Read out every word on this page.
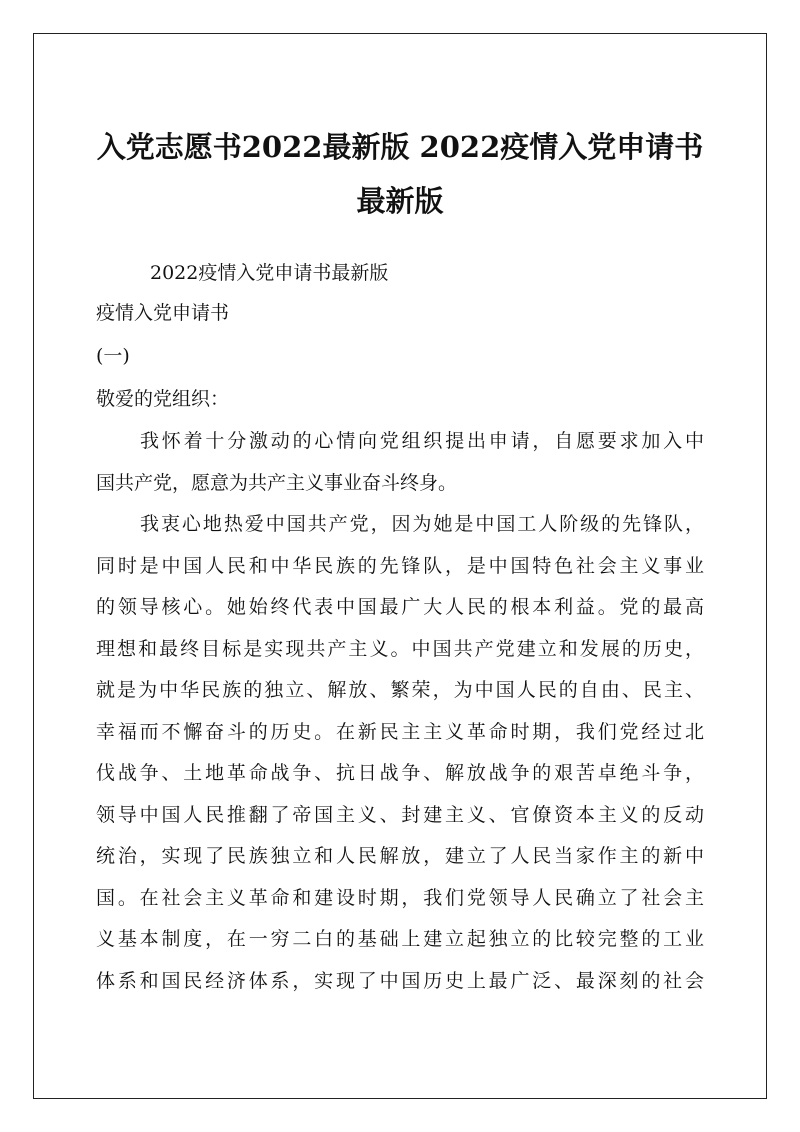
入党志愿书2022最新版 2022疫情入党申请书
最新版

2022疫情入党申请书最新版

疫情入党申请书

(一)

敬爱的党组织：

我怀着十分激动的心情向党组织提出申请，自愿要求加入中
国共产党，愿意为共产主义事业奋斗终身。
我衷心地热爱中国共产党，因为她是中国工人阶级的先锋队，
同时是中国人民和中华民族的先锋队，是中国特色社会主义事业
的领导核心。她始终代表中国最广大人民的根本利益。党的最高
理想和最终目标是实现共产主义。中国共产党建立和发展的历史，
就是为中华民族的独立、解放、繁荣，为中国人民的自由、民主、
幸福而不懈奋斗的历史。在新民主主义革命时期，我们党经过北
伐战争、土地革命战争、抗日战争、解放战争的艰苦卓绝斗争，
领导中国人民推翻了帝国主义、封建主义、官僚资本主义的反动
统治，实现了民族独立和人民解放，建立了人民当家作主的新中
国。在社会主义革命和建设时期，我们党领导人民确立了社会主
义基本制度，在一穷二白的基础上建立起独立的比较完整的工业
体系和国民经济体系，实现了中国历史上最广泛、最深刻的社会
